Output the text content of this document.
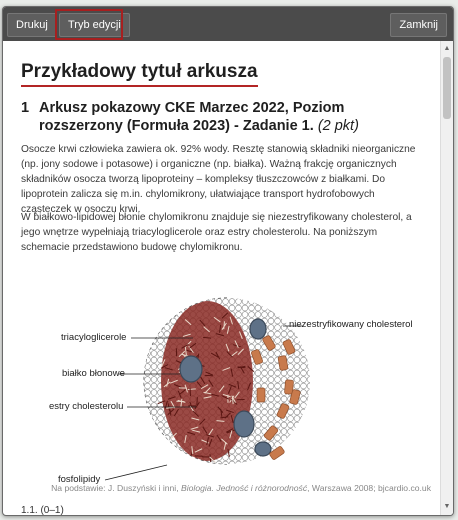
Drukuj	Tryb edycji	Zamknij
Przykładowy tytuł arkusza
1 Arkusz pokazowy CKE Marzec 2022, Poziom rozszerzony (Formuła 2023) - Zadanie 1. (2 pkt)
Osocze krwi człowieka zawiera ok. 92% wody. Resztę stanowią składniki nieorganiczne (np. jony sodowe i potasowe) i organiczne (np. białka). Ważną frakcję organicznych składników osocza tworzą lipoproteiny – kompleksy tłuszczowców z białkami. Do lipoprotein zalicza się m.in. chylomikrony, ułatwiające transport hydrofobowych cząsteczek w osoczu krwi.
W białkowo-lipidowej błonie chylomikronu znajduje się niezestryfikowany cholesterol, a jego wnętrze wypełniają triacyloglicerole oraz estry cholesterolu. Na poniższym schemacie przedstawiono budowę chylomikronu.
triacyloglicerole
białko błonowe
estry cholesterolu
fosfolipidy
niezestryfikowany cholesterol
Na podstawie: J. Duszyński i inni, Biologia. Jedność i różnorodność, Warszawa 2008; bjcardio.co.uk
1.1. (0–1)
▲
▼
